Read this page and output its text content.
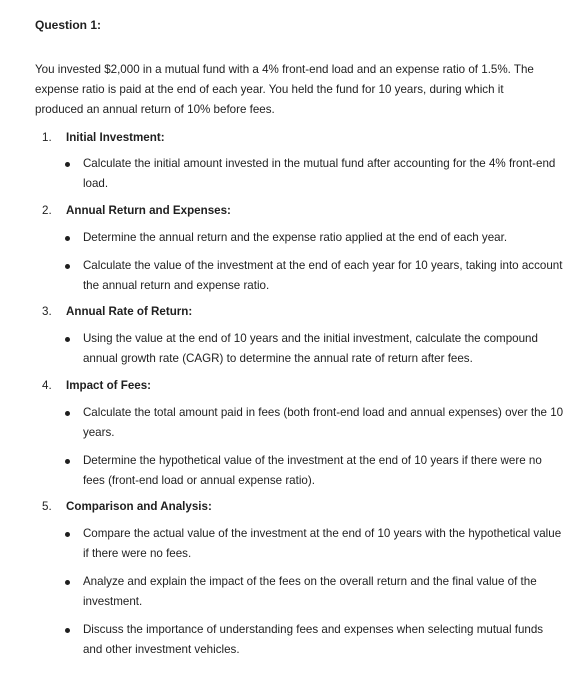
Question 1:

You invested $2,000 in a mutual fund with a 4% front-end load and an expense ratio of 1.5%. The expense ratio is paid at the end of each year. You held the fund for 10 years, during which it produced an annual return of 10% before fees.

1.	Initial Investment:
Calculate the initial amount invested in the mutual fund after accounting for the 4% front-end load.
2.	Annual Return and Expenses:
Determine the annual return and the expense ratio applied at the end of each year.
Calculate the value of the investment at the end of each year for 10 years, taking into account the annual return and expense ratio.
3.	Annual Rate of Return:
Using the value at the end of 10 years and the initial investment, calculate the compound annual growth rate (CAGR) to determine the annual rate of return after fees.
4.	Impact of Fees:
Calculate the total amount paid in fees (both front-end load and annual expenses) over the 10 years.
Determine the hypothetical value of the investment at the end of 10 years if there were no fees (front-end load or annual expense ratio).
5.	Comparison and Analysis:
Compare the actual value of the investment at the end of 10 years with the hypothetical value if there were no fees.
Analyze and explain the impact of the fees on the overall return and the final value of the investment.
Discuss the importance of understanding fees and expenses when selecting mutual funds and other investment vehicles.
